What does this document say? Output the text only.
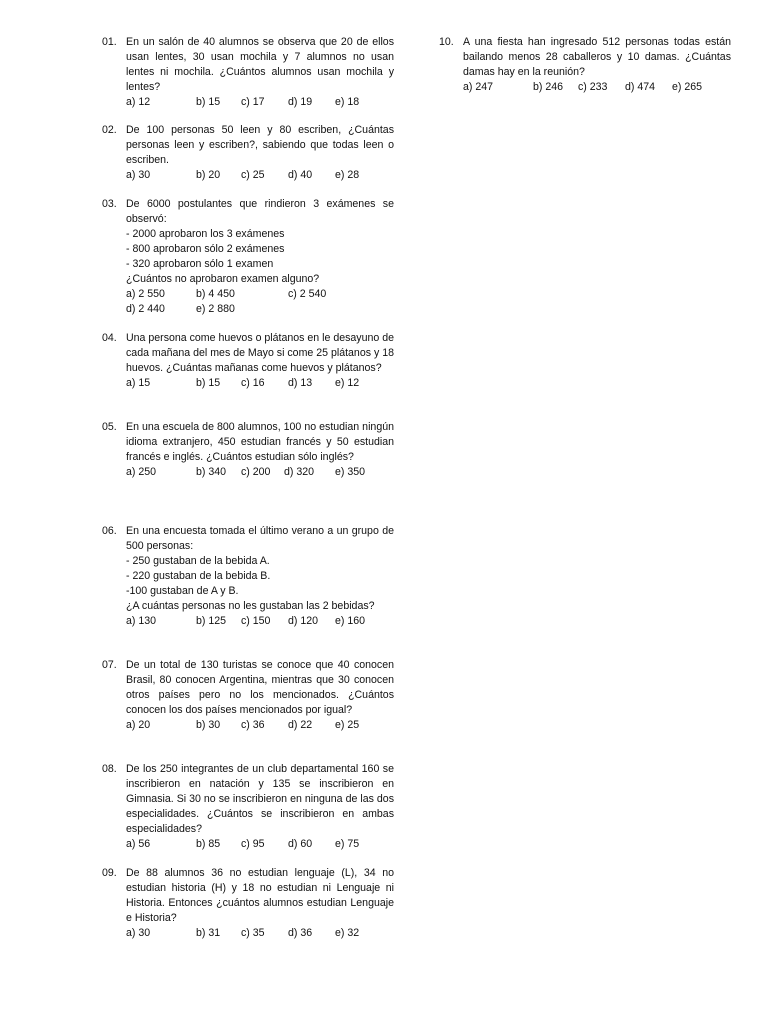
01. En un salón de 40 alumnos se observa que 20 de ellos usan lentes, 30 usan mochila y 7 alumnos no usan lentes ni mochila. ¿Cuántos alumnos usan mochila y lentes?
a) 12	b) 15 c) 17 d) 19 e) 18
02. De 100 personas 50 leen y 80 escriben, ¿Cuántas personas leen y escriben?, sabiendo que todas leen o escriben.
a) 30	b) 20 c) 25 d) 40 e) 28
03. De 6000 postulantes que rindieron 3 exámenes se observó:
- 2000 aprobaron los 3 exámenes
- 800 aprobaron sólo 2 exámenes
- 320 aprobaron sólo 1 examen
¿Cuántos no aprobaron examen alguno?
a) 2 550	b) 4 450	c) 2 540
d) 2 440	e) 2 880
04. Una persona come huevos o plátanos en le desayuno de cada mañana del mes de Mayo si come 25 plátanos y 18 huevos. ¿Cuántas mañanas come huevos y plátanos?
a) 15	b) 15 c) 16 d) 13 e) 12
05. En una escuela de 800 alumnos, 100 no estudian ningún idioma extranjero, 450 estudian francés y 50 estudian francés e inglés. ¿Cuántos estudian sólo inglés?
a) 250	b) 340 c) 200 d) 320 e) 350
06. En una encuesta tomada el último verano a un grupo de 500 personas:
- 250 gustaban de la bebida A.
- 220 gustaban de la bebida B.
-100 gustaban de A y B.
¿A cuántas personas no les gustaban las 2 bebidas?
a) 130	b) 125 c) 150 d) 120 e) 160
07. De un total de 130 turistas se conoce que 40 conocen Brasil, 80 conocen Argentina, mientras que 30 conocen otros países pero no los mencionados. ¿Cuántos conocen los dos países mencionados por igual?
a) 20	b) 30 c) 36 d) 22 e) 25
08. De los 250 integrantes de un club departamental 160 se inscribieron en natación y 135 se inscribieron en Gimnasia. Si 30 no se inscribieron en ninguna de las dos especialidades. ¿Cuántos se inscribieron en ambas especialidades?
a) 56	b) 85 c) 95 d) 60 e) 75
09. De 88 alumnos 36 no estudian lenguaje (L), 34 no estudian historia (H) y 18 no estudian ni Lenguaje ni Historia. Entonces ¿cuántos alumnos estudian Lenguaje e Historia?
a) 30	b) 31 c) 35 d) 36 e) 32
10. A una fiesta han ingresado 512 personas todas están bailando menos 28 caballeros y 10 damas. ¿Cuántas damas hay en la reunión?
a) 247	b) 246 c) 233 d) 474 e) 265
